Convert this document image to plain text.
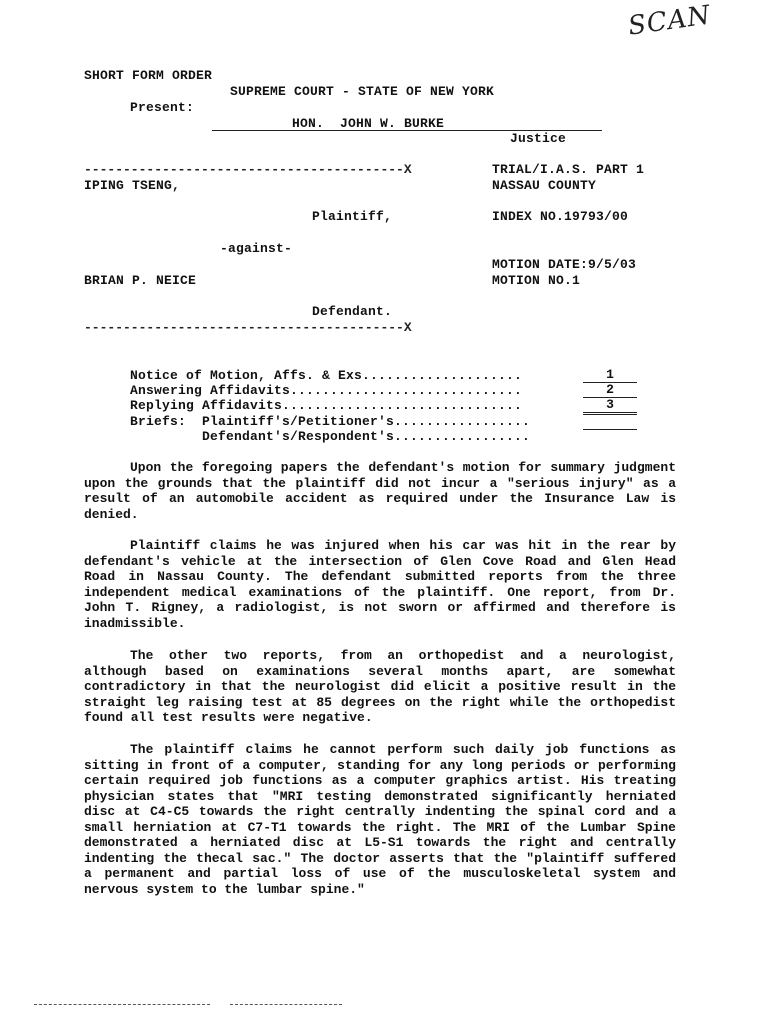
SCAN
SHORT FORM ORDER
SUPREME COURT - STATE OF NEW YORK
Present:
HON.  JOHN W. BURKE
Justice
-----------------------------------------X
IPING TSENG,
Plaintiff,
-against-
BRIAN P. NEICE
Defendant.
-----------------------------------------X
TRIAL/I.A.S. PART 1
NASSAU COUNTY
INDEX NO.19793/00
MOTION DATE:9/5/03
MOTION NO.1
Notice of Motion, Affs. & Exs....................	1
Answering Affidavits.............................	2
Replying Affidavits..............................	3
Briefs:  Plaintiff's/Petitioner's.................
Defendant's/Respondent's.................

Upon the foregoing papers the defendant's motion for summary judgment upon the grounds that the plaintiff did not incur a "serious injury" as a result of an automobile accident as required under the Insurance Law is denied.

Plaintiff claims he was injured when his car was hit in the rear by defendant's vehicle at the intersection of Glen Cove Road and Glen Head Road in Nassau County. The defendant submitted reports from the three independent medical examinations of the plaintiff. One report, from Dr. John T. Rigney, a radiologist, is not sworn or affirmed and therefore is inadmissible.

The other two reports, from an orthopedist and a neurologist, although based on examinations several months apart, are somewhat contradictory in that the neurologist did elicit a positive result in the straight leg raising test at 85 degrees on the right while the orthopedist found all test results were negative.

The plaintiff claims he cannot perform such daily job functions as sitting in front of a computer, standing for any long periods or performing certain required job functions as a computer graphics artist. His treating physician states that "MRI testing demonstrated significantly herniated disc at C4-C5 towards the right centrally indenting the spinal cord and a small herniation at C7-T1 towards the right. The MRI of the Lumbar Spine demonstrated a herniated disc at L5-S1 towards the right and centrally indenting the thecal sac." The doctor asserts that the "plaintiff suffered a permanent and partial loss of use of the musculoskeletal system and nervous system to the lumbar spine."
